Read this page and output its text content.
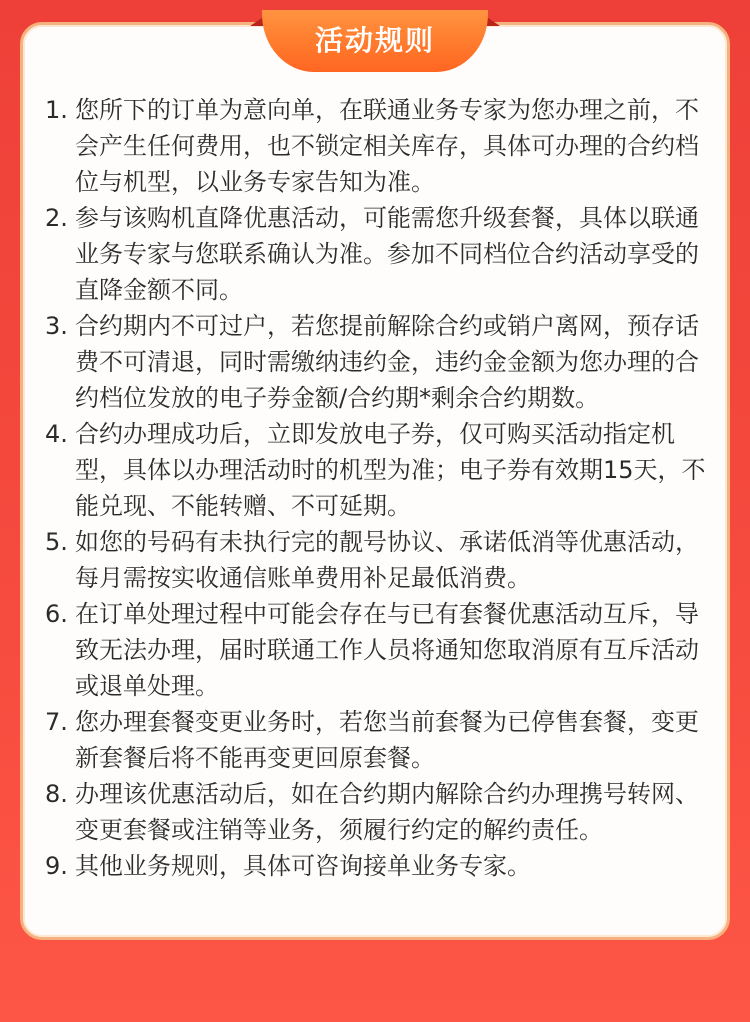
活动规则
1. 您所下的订单为意向单，在联通业务专家为您办理之前，不
会产生任何费用，也不锁定相关库存，具体可办理的合约档
位与机型，以业务专家告知为准。
2. 参与该购机直降优惠活动，可能需您升级套餐，具体以联通
业务专家与您联系确认为准。参加不同档位合约活动享受的
直降金额不同。
3. 合约期内不可过户，若您提前解除合约或销户离网，预存话
费不可清退，同时需缴纳违约金，违约金金额为您办理的合
约档位发放的电子券金额/合约期*剩余合约期数。
4. 合约办理成功后，立即发放电子券，仅可购买活动指定机
型，具体以办理活动时的机型为准；电子券有效期15天，不
能兑现、不能转赠、不可延期。
5. 如您的号码有未执行完的靓号协议、承诺低消等优惠活动，
每月需按实收通信账单费用补足最低消费。
6. 在订单处理过程中可能会存在与已有套餐优惠活动互斥，导
致无法办理，届时联通工作人员将通知您取消原有互斥活动
或退单处理。
7. 您办理套餐变更业务时，若您当前套餐为已停售套餐，变更
新套餐后将不能再变更回原套餐。
8. 办理该优惠活动后，如在合约期内解除合约办理携号转网、
变更套餐或注销等业务，须履行约定的解约责任。
9. 其他业务规则，具体可咨询接单业务专家。
